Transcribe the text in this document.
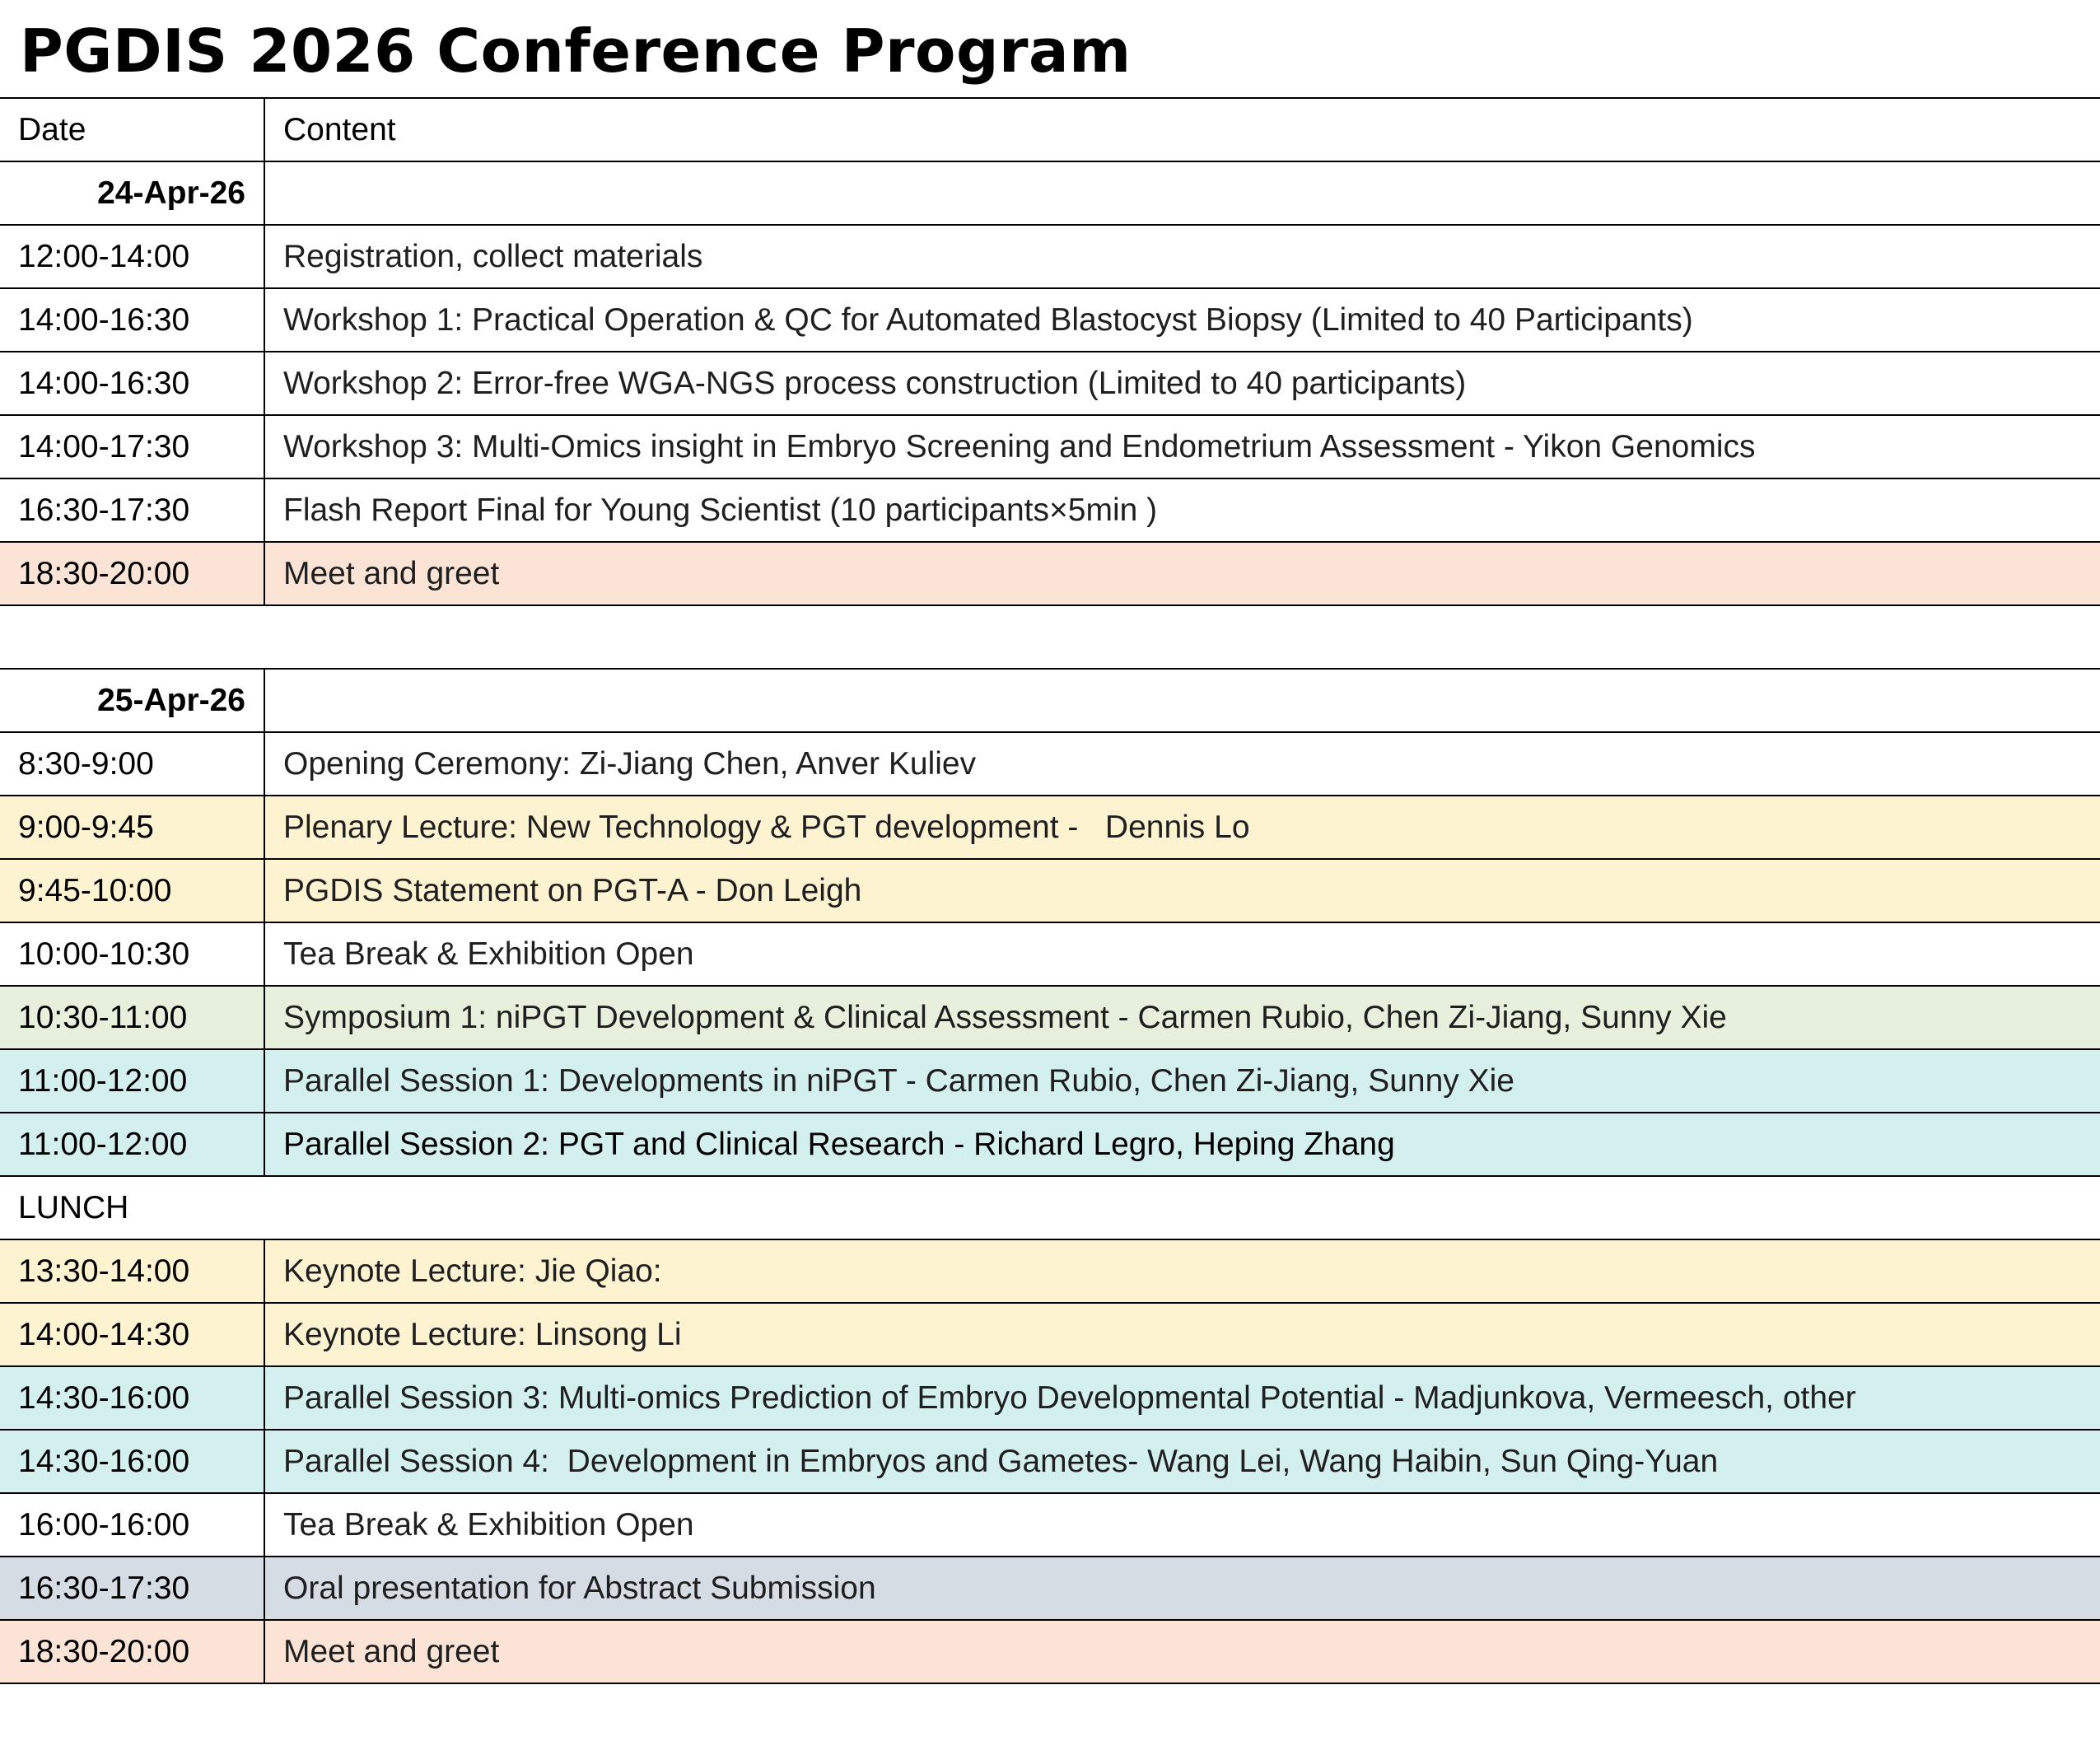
PGDIS 2026 Conference Program
Date	Content
24-Apr-26
12:00-14:00	Registration, collect materials
14:00-16:30	Workshop 1: Practical Operation & QC for Automated Blastocyst Biopsy (Limited to 40 Participants)
14:00-16:30	Workshop 2: Error-free WGA-NGS process construction (Limited to 40 participants)
14:00-17:30	Workshop 3: Multi-Omics insight in Embryo Screening and Endometrium Assessment - Yikon Genomics
16:30-17:30	Flash Report Final for Young Scientist (10 participants×5min )
18:30-20:00	Meet and greet
25-Apr-26
8:30-9:00	Opening Ceremony: Zi-Jiang Chen, Anver Kuliev
9:00-9:45	Plenary Lecture: New Technology & PGT development -   Dennis Lo
9:45-10:00	PGDIS Statement on PGT-A - Don Leigh
10:00-10:30	Tea Break & Exhibition Open
10:30-11:00	Symposium 1: niPGT Development & Clinical Assessment - Carmen Rubio, Chen Zi-Jiang, Sunny Xie
11:00-12:00	Parallel Session 1: Developments in niPGT - Carmen Rubio, Chen Zi-Jiang, Sunny Xie
11:00-12:00	Parallel Session 2: PGT and Clinical Research - Richard Legro, Heping Zhang
LUNCH
13:30-14:00	Keynote Lecture: Jie Qiao:
14:00-14:30	Keynote Lecture: Linsong Li
14:30-16:00	Parallel Session 3: Multi-omics Prediction of Embryo Developmental Potential - Madjunkova, Vermeesch, other
14:30-16:00	Parallel Session 4:  Development in Embryos and Gametes- Wang Lei, Wang Haibin, Sun Qing-Yuan
16:00-16:00	Tea Break & Exhibition Open
16:30-17:30	Oral presentation for Abstract Submission
18:30-20:00	Meet and greet
